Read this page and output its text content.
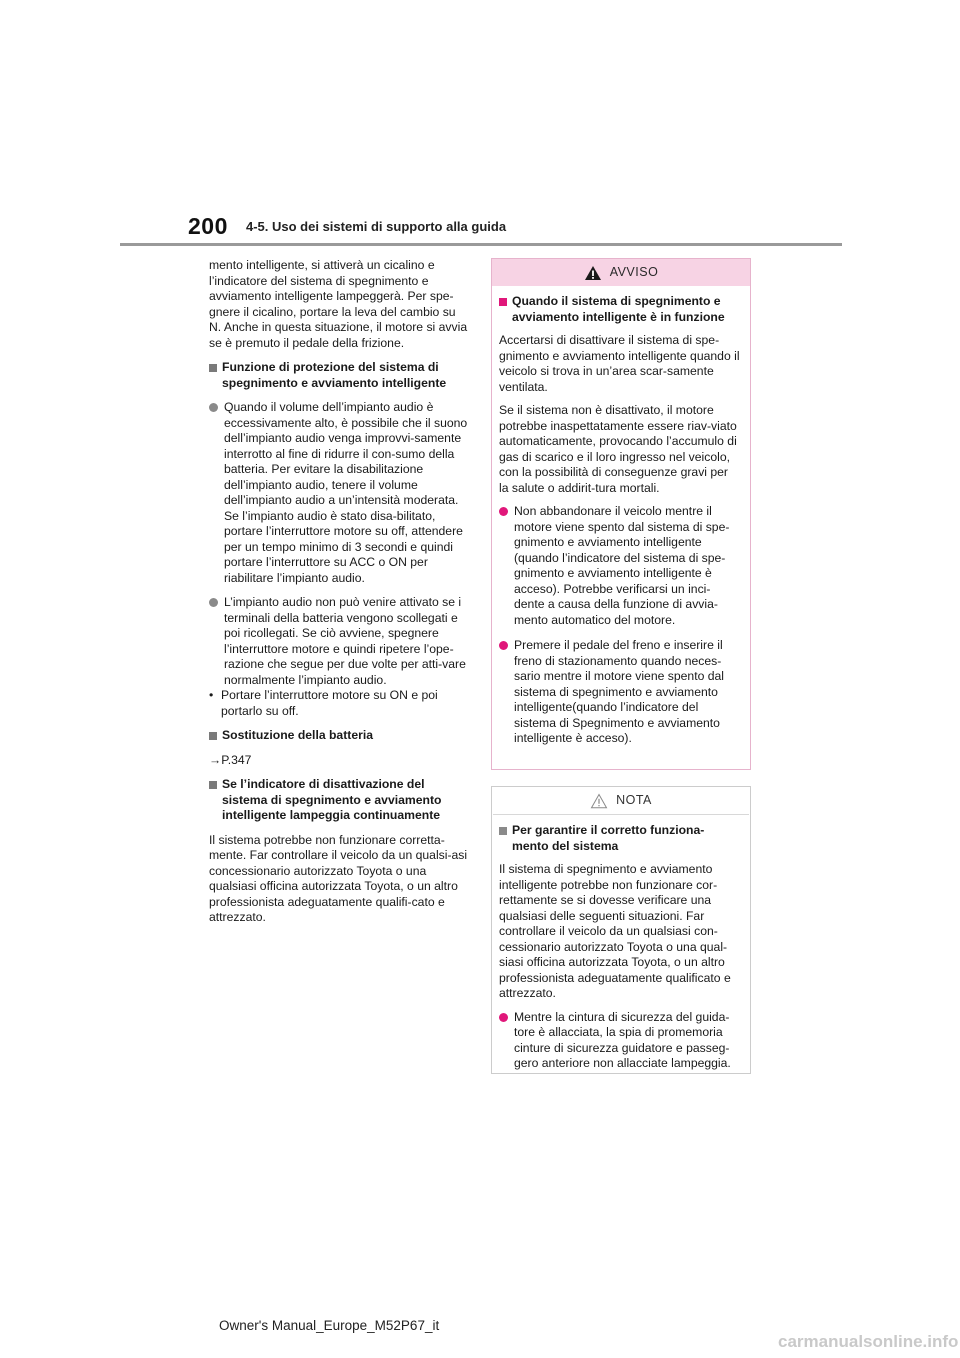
200 4-5. Uso dei sistemi di supporto alla guida

mento intelligente, si attiverà un cicalino e l’indicatore del sistema di spegnimento e avviamento intelligente lampeggerà. Per spe-gnere il cicalino, portare la leva del cambio su N. Anche in questa situazione, il motore si avvia se è premuto il pedale della frizione.

Funzione di protezione del sistema di spegnimento e avviamento intelligente
Quando il volume dell’impianto audio è eccessivamente alto, è possibile che il suono dell’impianto audio venga improvvi-samente interrotto al fine di ridurre il con-sumo della batteria. Per evitare la disabilitazione dell’impianto audio, tenere il volume dell’impianto audio a un’intensità moderata. Se l’impianto audio è stato disa-bilitato, portare l’interruttore motore su off, attendere per un tempo minimo di 3 secondi e quindi portare l’interruttore su ACC o ON per riabilitare l’impianto audio.
L’impianto audio non può venire attivato se i terminali della batteria vengono scollegati e poi ricollegati. Se ciò avviene, spegnere l’interruttore motore e quindi ripetere l’ope-razione che segue per due volte per atti-vare normalmente l’impianto audio.
• Portare l’interruttore motore su ON e poi portarlo su off.
Sostituzione della batteria
→P.347
Se l’indicatore di disattivazione del sistema di spegnimento e avviamento intelligente lampeggia continuamente

Il sistema potrebbe non funzionare corretta-mente. Far controllare il veicolo da un qualsi-asi concessionario autorizzato Toyota o una qualsiasi officina autorizzata Toyota, o un altro professionista adeguatamente qualifi-cato e attrezzato.

AVVISO
Quando il sistema di spegnimento e avviamento intelligente è in funzione

Accertarsi di disattivare il sistema di spe-gnimento e avviamento intelligente quando il veicolo si trova in un’area scar-samente ventilata.

Se il sistema non è disattivato, il motore potrebbe inaspettatamente essere riav-viato automaticamente, provocando l’accumulo di gas di scarico e il loro ingresso nel veicolo, con la possibilità di conseguenze gravi per la salute o addirit-tura mortali.

Non abbandonare il veicolo mentre il motore viene spento dal sistema di spe-gnimento e avviamento intelligente (quando l’indicatore del sistema di spe-gnimento e avviamento intelligente è acceso). Potrebbe verificarsi un inci-dente a causa della funzione di avvia-mento automatico del motore.
Premere il pedale del freno e inserire il freno di stazionamento quando neces-sario mentre il motore viene spento dal sistema di spegnimento e avviamento intelligente(quando l’indicatore del sistema di Spegnimento e avviamento intelligente è acceso).
NOTA
Per garantire il corretto funziona-mento del sistema

Il sistema di spegnimento e avviamento intelligente potrebbe non funzionare cor-rettamente se si dovesse verificare una qualsiasi delle seguenti situazioni. Far controllare il veicolo da un qualsiasi con-cessionario autorizzato Toyota o una qual-siasi officina autorizzata Toyota, o un altro professionista adeguatamente qualificato e attrezzato.

Mentre la cintura di sicurezza del guida-tore è allacciata, la spia di promemoria cinture di sicurezza guidatore e passeg-gero anteriore non allacciate lampeggia.
Owner's Manual_Europe_M52P67_it
carmanualsonline.info
